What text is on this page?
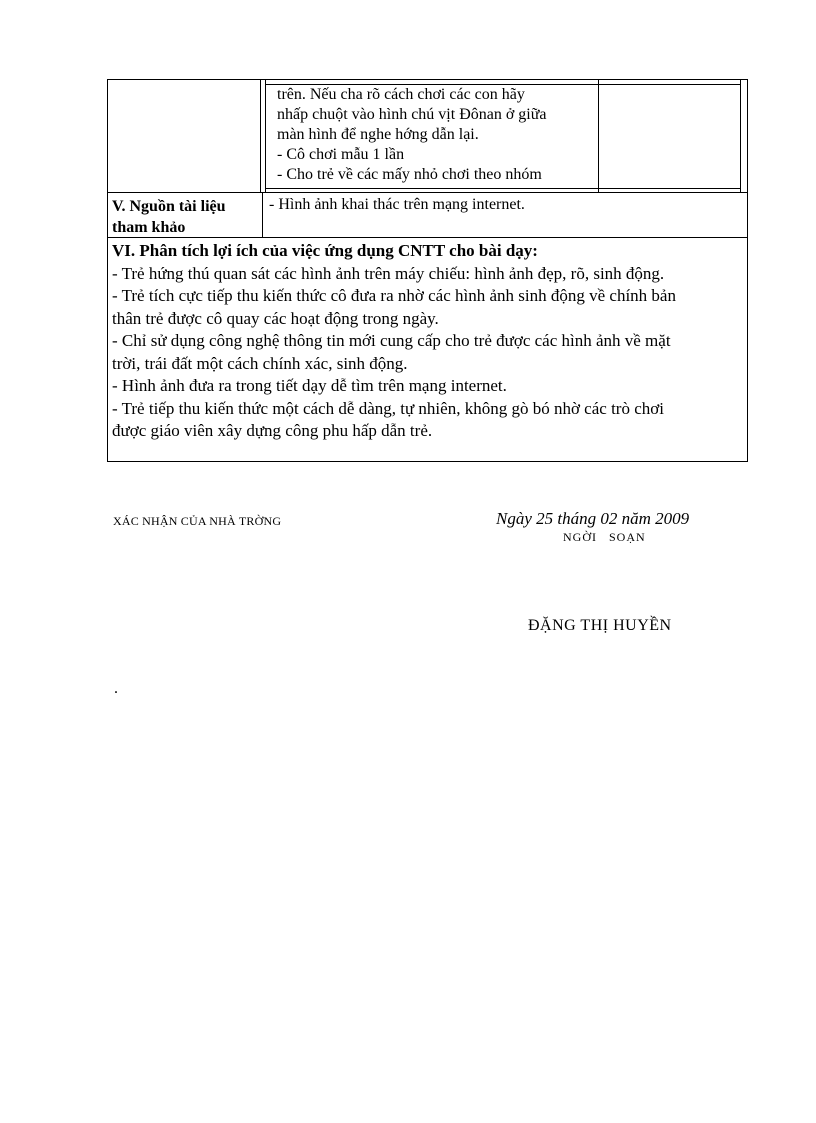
trên. Nếu cha rõ cách chơi các con hãy
nhấp chuột vào hình chú vịt Đônan ở giữa
màn hình để nghe hớng dẫn lại.
- Cô chơi mẫu 1 lần
- Cho trẻ về các mấy nhỏ chơi theo nhóm
V. Nguồn tài liệu
tham khảo
- Hình ảnh khai thác trên mạng internet.
VI. Phân tích lợi ích của việc ứng dụng CNTT cho bài dạy:
- Trẻ hứng thú quan sát các hình ảnh trên máy chiếu: hình ảnh đẹp, rõ, sinh động.
- Trẻ tích cực tiếp thu kiến thức cô đưa ra nhờ các hình ảnh sinh động về chính bản
thân trẻ được cô quay các hoạt động trong ngày.
- Chỉ sử dụng công nghệ thông tin mới cung cấp cho trẻ được các hình ảnh về mặt
trời, trái đất một cách chính xác, sinh động.
- Hình ảnh đưa ra trong tiết dạy dễ tìm trên mạng internet.
- Trẻ tiếp thu kiến thức một cách dễ dàng, tự nhiên, không gò bó nhờ các trò chơi
được giáo viên xây dựng công phu hấp dẫn trẻ.
XÁC NHẬN CỦA NHÀ TRỜNG	Ngày 25 tháng 02 năm 2009
NGỜI   SOẠN
ĐẶNG THỊ HUYỀN
.
